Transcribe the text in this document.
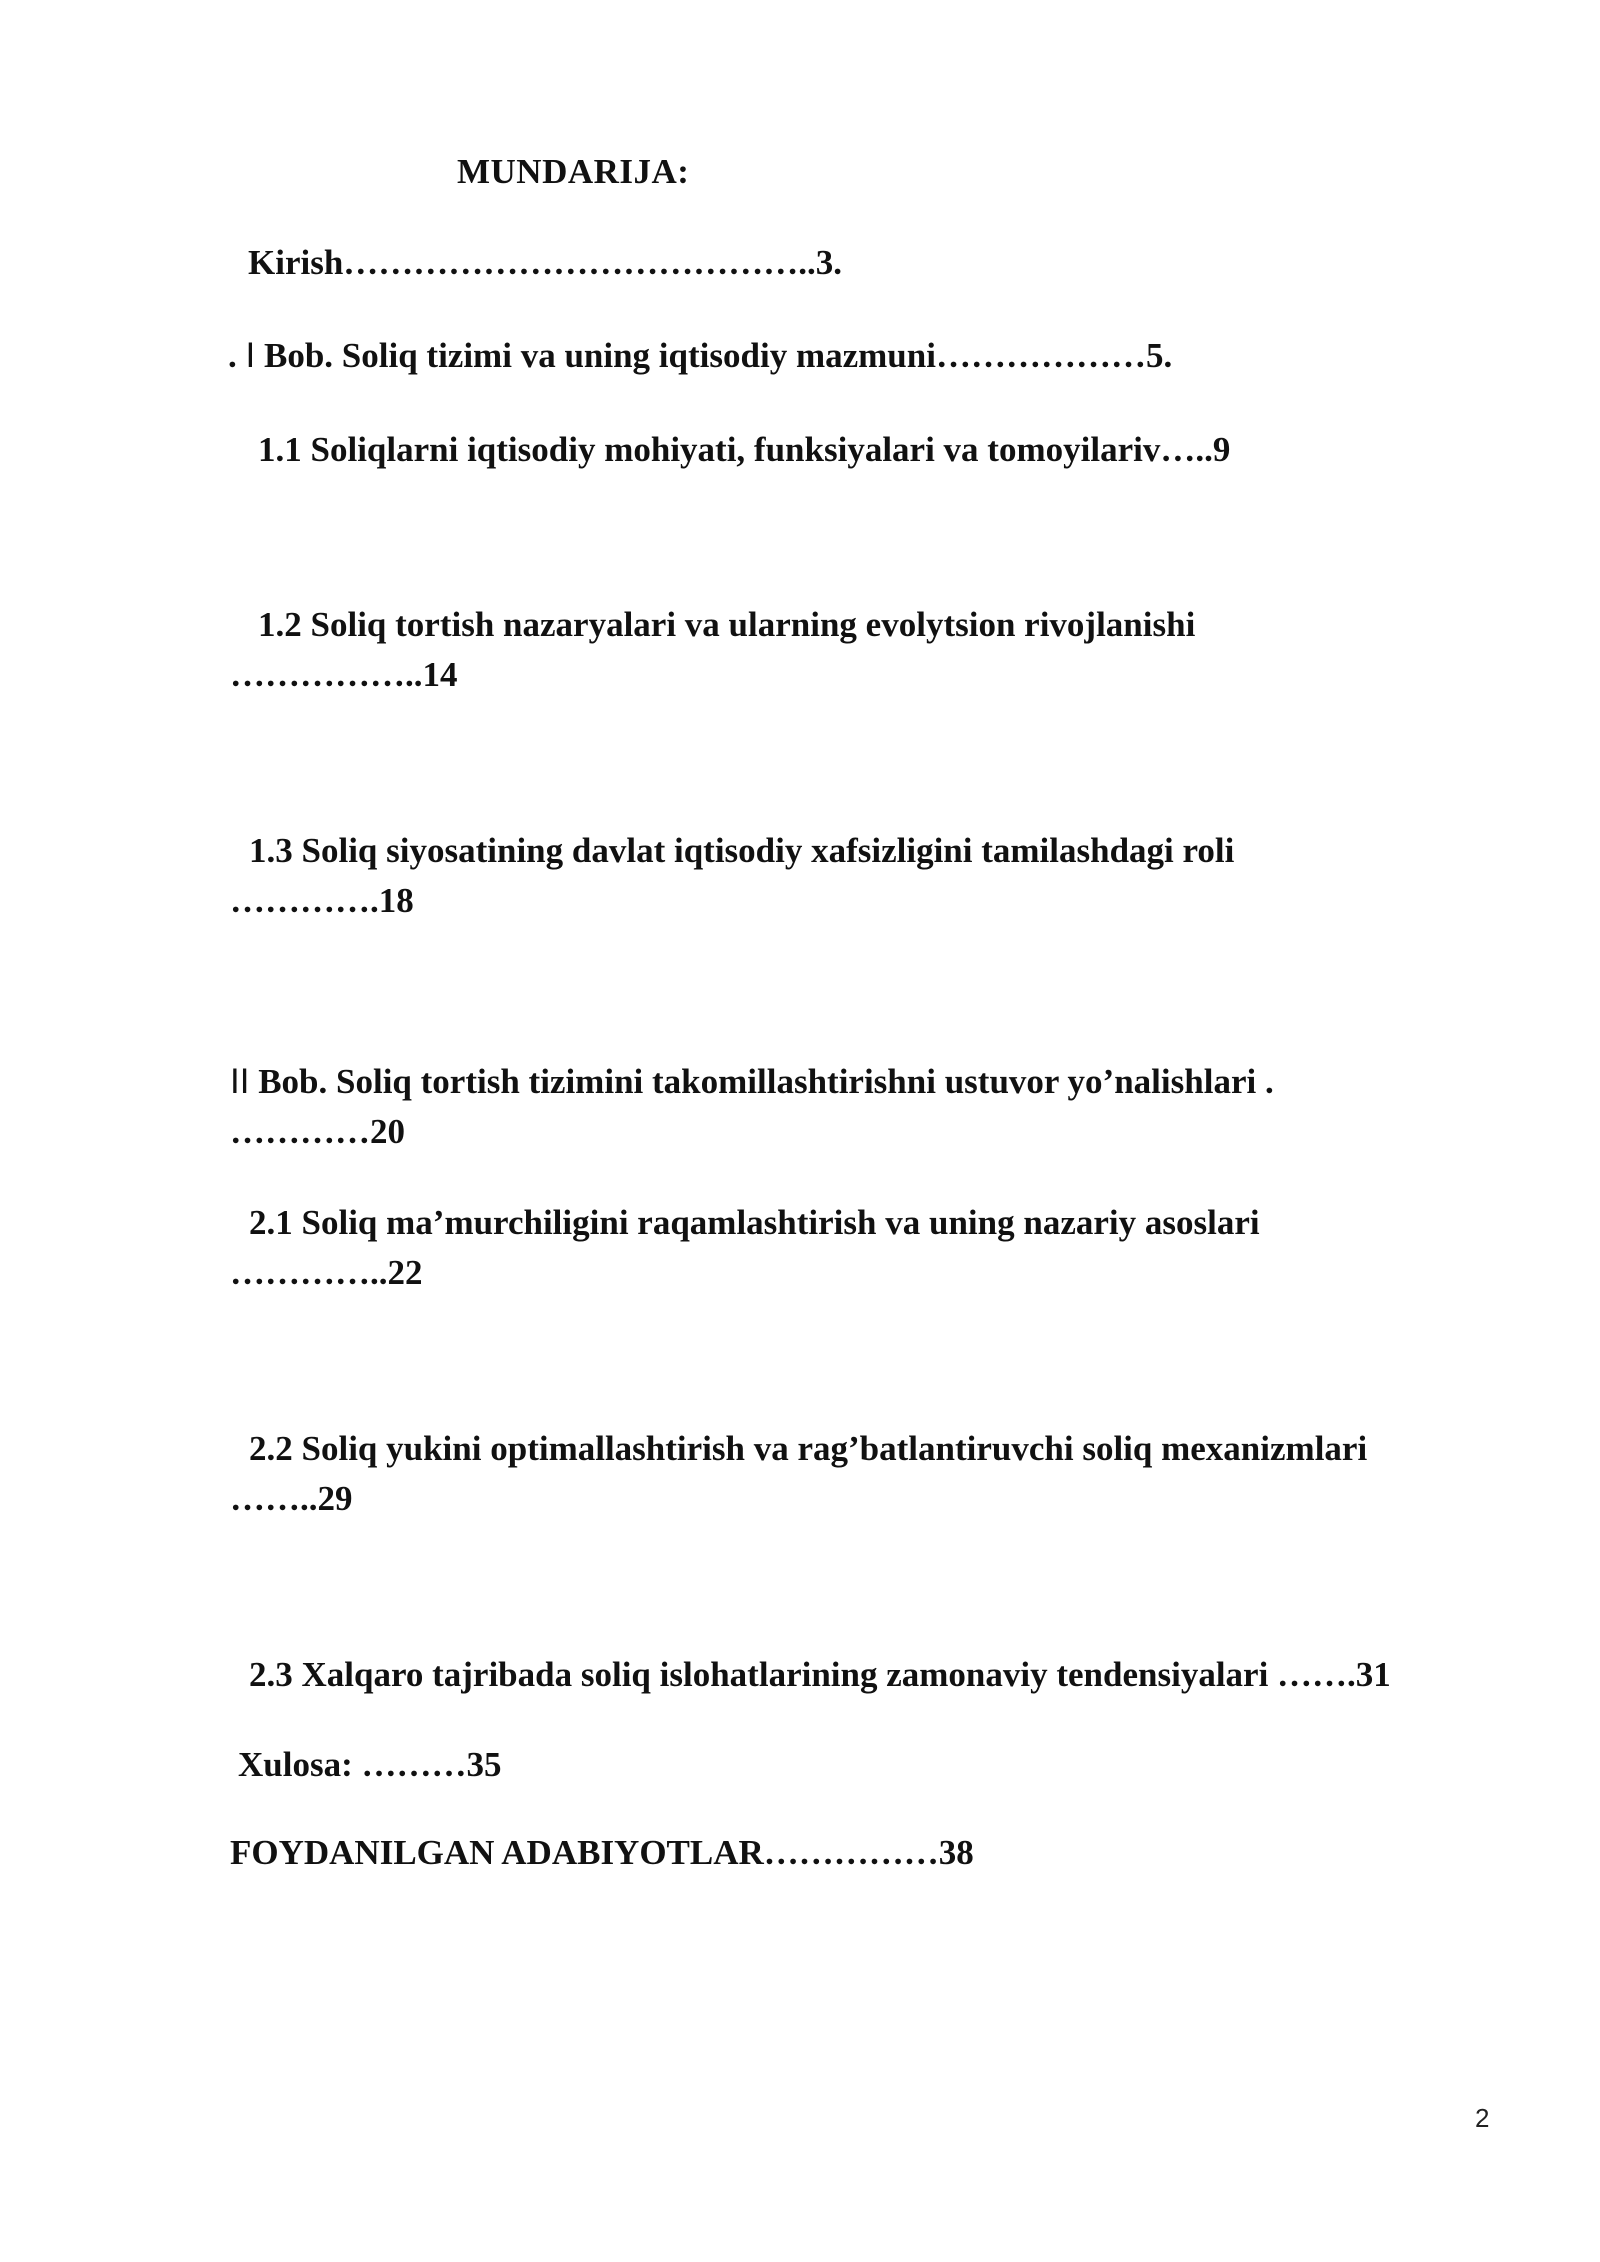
MUNDARIJA:
Kirish…………………………………..3.
. I Bob. Soliq tizimi va uning iqtisodiy mazmuni………………5.
1.1 Soliqlarni iqtisodiy mohiyati, funksiyalari va tomoyilariv…..9
1.2 Soliq tortish nazaryalari va ularning evolytsion rivojlanishi
……………..14
1.3 Soliq siyosatining davlat iqtisodiy xafsizligini tamilashdagi roli
………….18
II Bob. Soliq tortish tizimini takomillashtirishni ustuvor yo’nalishlari .
…………20
2.1 Soliq ma’murchiligini raqamlashtirish va uning nazariy asoslari
…………..22
2.2 Soliq yukini optimallashtirish va rag’batlantiruvchi soliq mexanizmlari
……..29
2.3 Xalqaro tajribada soliq islohatlarining zamonaviy tendensiyalari …….31
Xulosa: ………35
FOYDANILGAN ADABIYOTLAR……………38
2
